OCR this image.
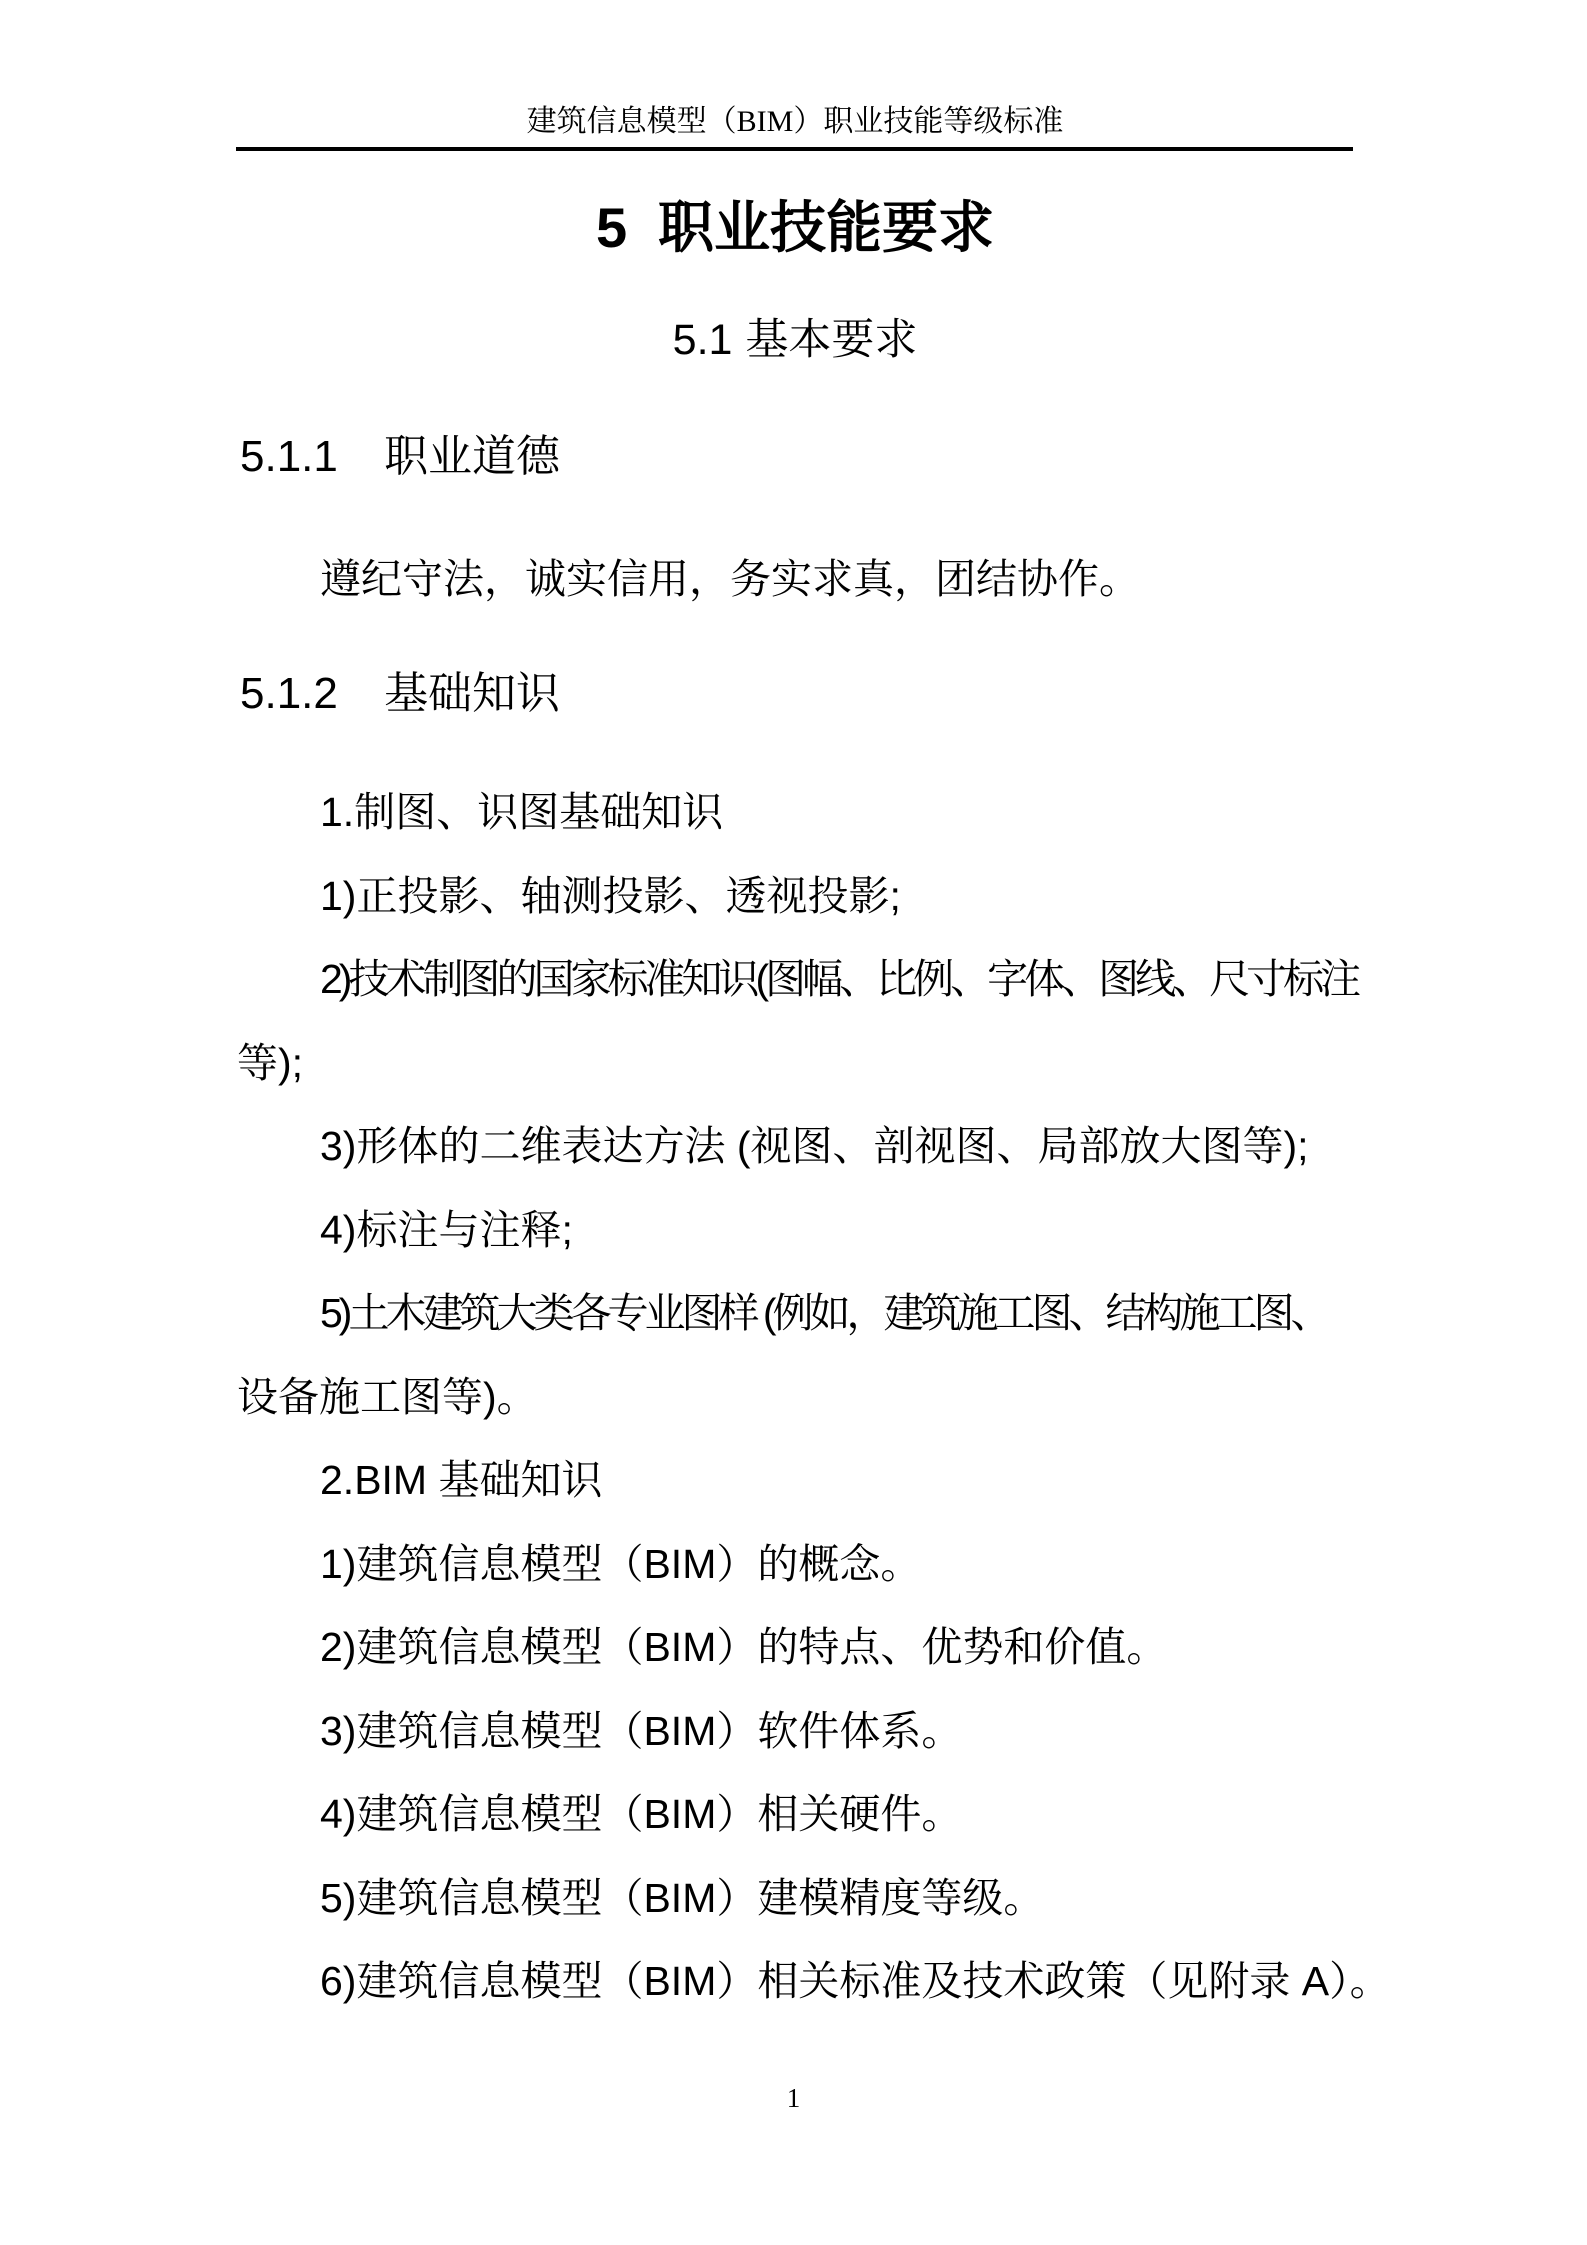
建筑信息模型（BIM）职业技能等级标准
5 职业技能要求
5.1 基本要求
5.1.1 职业道德
遵纪守法，诚实信用，务实求真，团结协作。
5.1.2 基础知识
1.制图、识图基础知识
1)正投影、轴测投影、透视投影;
2)技术制图的国家标准知识(图幅、比例、字体、图线、尺寸标注
等);
3)形体的二维表达方法 (视图、剖视图、局部放大图等);
4)标注与注释;
5)土木建筑大类各专业图样 (例如，建筑施工图、结构施工图、
设备施工图等)。
2.BIM 基础知识
1)建筑信息模型（BIM）的概念。
2)建筑信息模型（BIM）的特点、优势和价值。
3)建筑信息模型（BIM）软件体系。
4)建筑信息模型（BIM）相关硬件。
5)建筑信息模型（BIM）建模精度等级。
6)建筑信息模型（BIM）相关标准及技术政策（见附录 A）。
1
